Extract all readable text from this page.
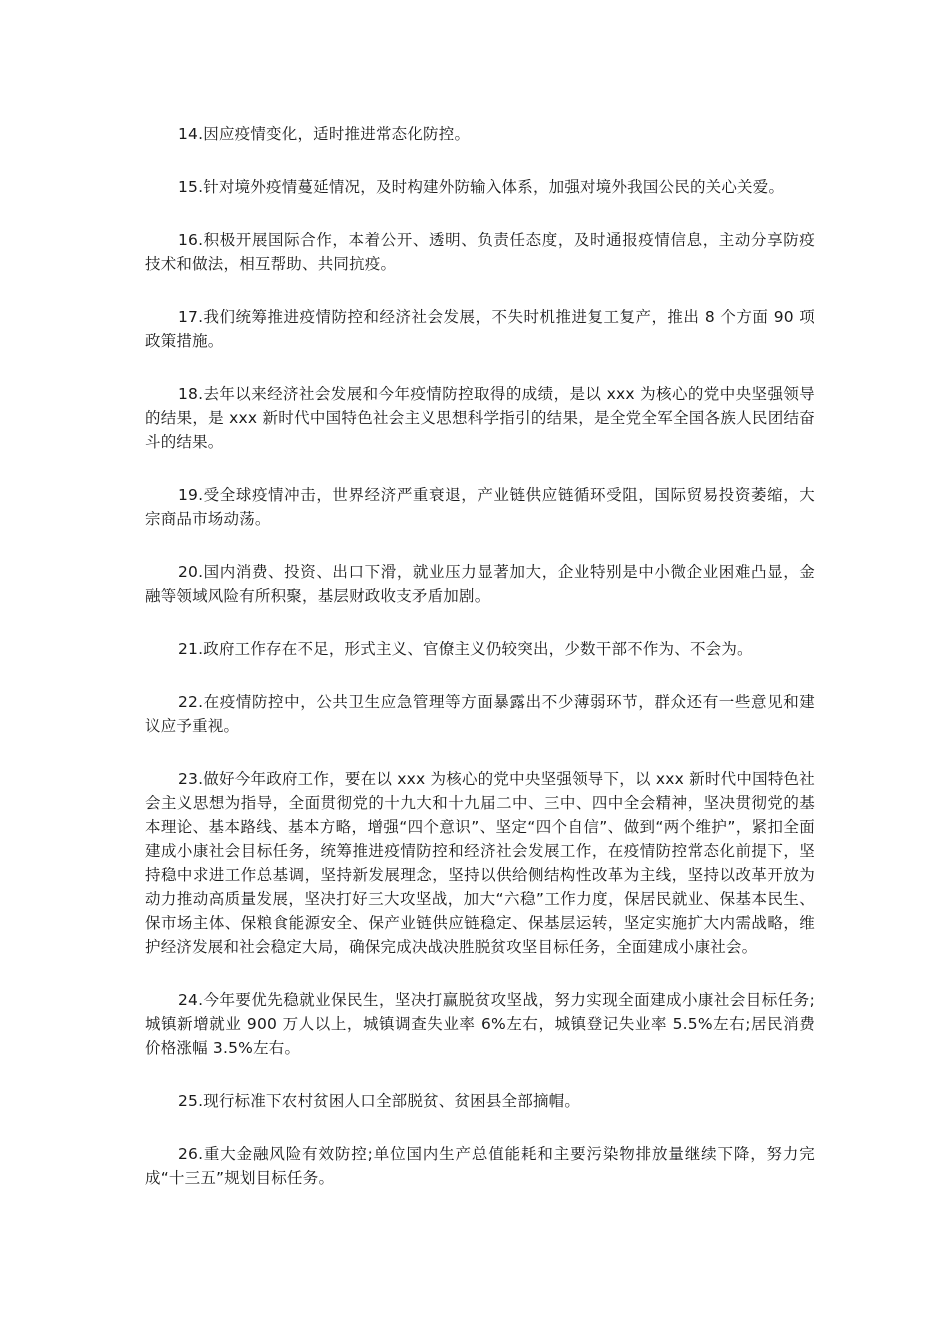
14.因应疫情变化，适时推进常态化防控。

15.针对境外疫情蔓延情况，及时构建外防输入体系，加强对境外我国公民的关心关爱。

16.积极开展国际合作，本着公开、透明、负责任态度，及时通报疫情信息，主动分享防疫技术和做法，相互帮助、共同抗疫。

17.我们统筹推进疫情防控和经济社会发展，不失时机推进复工复产，推出 8 个方面 90 项政策措施。

18.去年以来经济社会发展和今年疫情防控取得的成绩，是以 xxx 为核心的党中央坚强领导的结果，是 xxx 新时代中国特色社会主义思想科学指引的结果，是全党全军全国各族人民团结奋斗的结果。

19.受全球疫情冲击，世界经济严重衰退，产业链供应链循环受阻，国际贸易投资萎缩，大宗商品市场动荡。

20.国内消费、投资、出口下滑，就业压力显著加大，企业特别是中小微企业困难凸显，金融等领域风险有所积聚，基层财政收支矛盾加剧。

21.政府工作存在不足，形式主义、官僚主义仍较突出，少数干部不作为、不会为。

22.在疫情防控中，公共卫生应急管理等方面暴露出不少薄弱环节，群众还有一些意见和建议应予重视。

23.做好今年政府工作，要在以 xxx 为核心的党中央坚强领导下，以 xxx 新时代中国特色社会主义思想为指导，全面贯彻党的十九大和十九届二中、三中、四中全会精神，坚决贯彻党的基本理论、基本路线、基本方略，增强“四个意识”、坚定“四个自信”、做到“两个维护”，紧扣全面建成小康社会目标任务，统筹推进疫情防控和经济社会发展工作，在疫情防控常态化前提下，坚持稳中求进工作总基调，坚持新发展理念，坚持以供给侧结构性改革为主线，坚持以改革开放为动力推动高质量发展，坚决打好三大攻坚战，加大“六稳”工作力度，保居民就业、保基本民生、保市场主体、保粮食能源安全、保产业链供应链稳定、保基层运转，坚定实施扩大内需战略，维护经济发展和社会稳定大局，确保完成决战决胜脱贫攻坚目标任务，全面建成小康社会。

24.今年要优先稳就业保民生，坚决打赢脱贫攻坚战，努力实现全面建成小康社会目标任务;城镇新增就业 900 万人以上，城镇调查失业率 6%左右，城镇登记失业率 5.5%左右;居民消费价格涨幅 3.5%左右。

25.现行标准下农村贫困人口全部脱贫、贫困县全部摘帽。

26.重大金融风险有效防控;单位国内生产总值能耗和主要污染物排放量继续下降，努力完成“十三五”规划目标任务。
